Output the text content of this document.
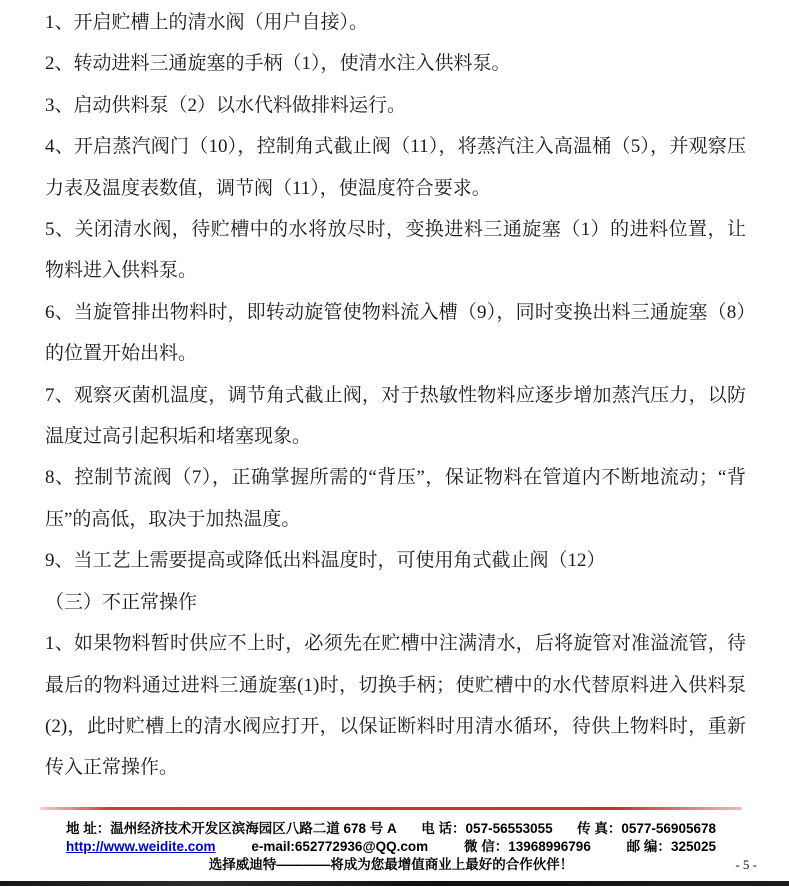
1、开启贮槽上的清水阀（用户自接）。

2、转动进料三通旋塞的手柄（1），使清水注入供料泵。

3、启动供料泵（2）以水代料做排料运行。

4、开启蒸汽阀门（10），控制角式截止阀（11），将蒸汽注入高温桶（5），并观察压力表及温度表数值，调节阀（11），使温度符合要求。

5、关闭清水阀，待贮槽中的水将放尽时，变换进料三通旋塞（1）的进料位置，让物料进入供料泵。

6、当旋管排出物料时，即转动旋管使物料流入槽（9），同时变换出料三通旋塞（8）的位置开始出料。

7、观察灭菌机温度，调节角式截止阀，对于热敏性物料应逐步增加蒸汽压力，以防温度过高引起积垢和堵塞现象。

8、控制节流阀（7），正确掌握所需的“背压”，保证物料在管道内不断地流动；“背压”的高低，取决于加热温度。

9、当工艺上需要提高或降低出料温度时，可使用角式截止阀（12）

（三）不正常操作

1、如果物料暂时供应不上时，必须先在贮槽中注满清水，后将旋管对准溢流管，待最后的物料通过进料三通旋塞(1)时，切换手柄；使贮槽中的水代替原料进入供料泵(2)，此时贮槽上的清水阀应打开，以保证断料时用清水循环，待供上物料时，重新传入正常操作。

地 址：温州经济技术开发区滨海园区八路二道 678 号 A 电 话：057-56553055 传 真：0577-56905678
http://www.weidite.com	e-mail:652772936@QQ.com	微 信：13968996796	邮 编：325025
选择威迪特————将成为您最增值商业上最好的合作伙伴！	- 5 -
